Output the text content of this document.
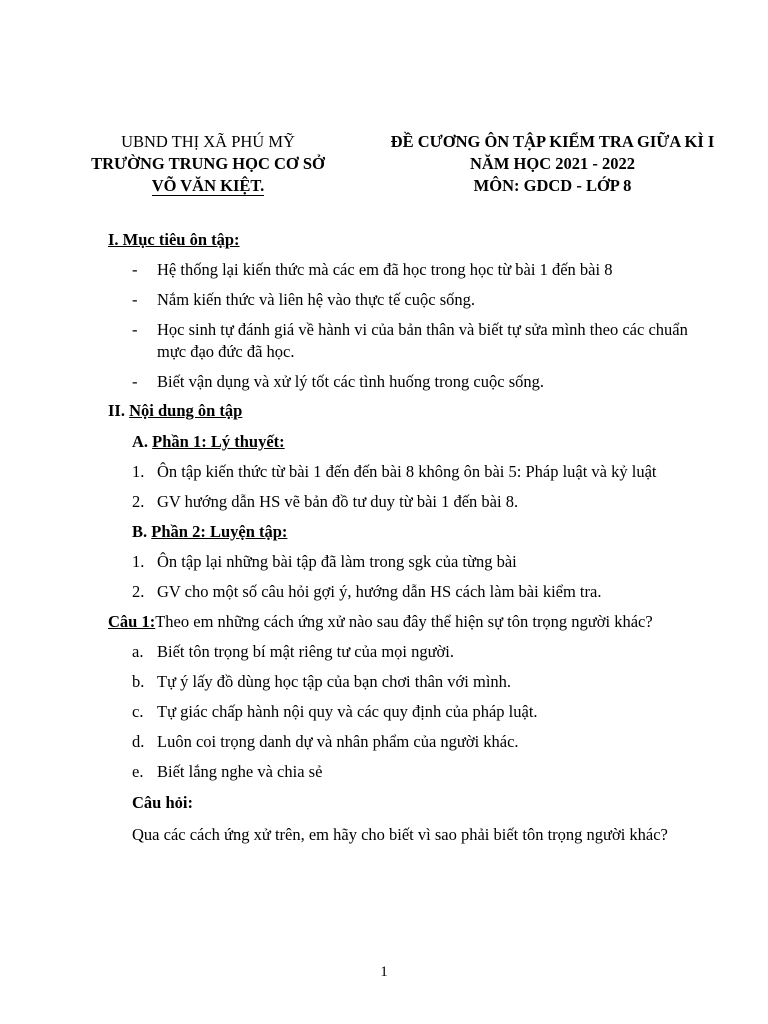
UBND THỊ XÃ PHÚ MỸ
TRƯỜNG TRUNG HỌC CƠ SỞ
VÕ VĂN KIỆT.
ĐỀ CƯƠNG ÔN TẬP KIỂM TRA GIỮA KÌ I
NĂM HỌC 2021 - 2022
MÔN: GDCD - LỚP 8
I. Mục tiêu ôn tập:
-	Hệ thống lại kiến thức mà các em đã học trong học từ bài 1 đến bài 8
-	Nắm kiến thức và liên hệ vào thực tế cuộc sống.
-	Học sinh tự đánh giá về hành vi của bản thân và biết tự sửa mình theo các chuẩn mực đạo đức đã học.
-	Biết vận dụng và xử lý tốt các tình huống trong cuộc sống.
II. Nội dung ôn tập
A. Phần 1: Lý thuyết:
1. Ôn tập kiến thức từ bài 1 đến đến bài 8 không ôn bài 5: Pháp luật và kỷ luật
2. GV hướng dẫn HS vẽ bản đồ tư duy từ bài 1 đến bài 8.
B. Phần 2: Luyện tập:
1. Ôn tập lại những bài tập đã làm trong sgk của từng bài
2. GV cho một số câu hỏi gợi ý, hướng dẫn HS cách làm bài kiểm tra.
Câu 1:Theo em những cách ứng xử nào sau đây thể hiện sự tôn trọng người khác?
a. Biết tôn trọng bí mật riêng tư của mọi người.
b. Tự ý lấy đồ dùng học tập của bạn chơi thân với mình.
c. Tự giác chấp hành nội quy và các quy định của pháp luật.
d. Luôn coi trọng danh dự và nhân phẩm của người khác.
e. Biết lắng nghe và chia sẻ
Câu hỏi:
Qua các cách ứng xử trên, em hãy cho biết vì sao phải biết tôn trọng người khác?
1
